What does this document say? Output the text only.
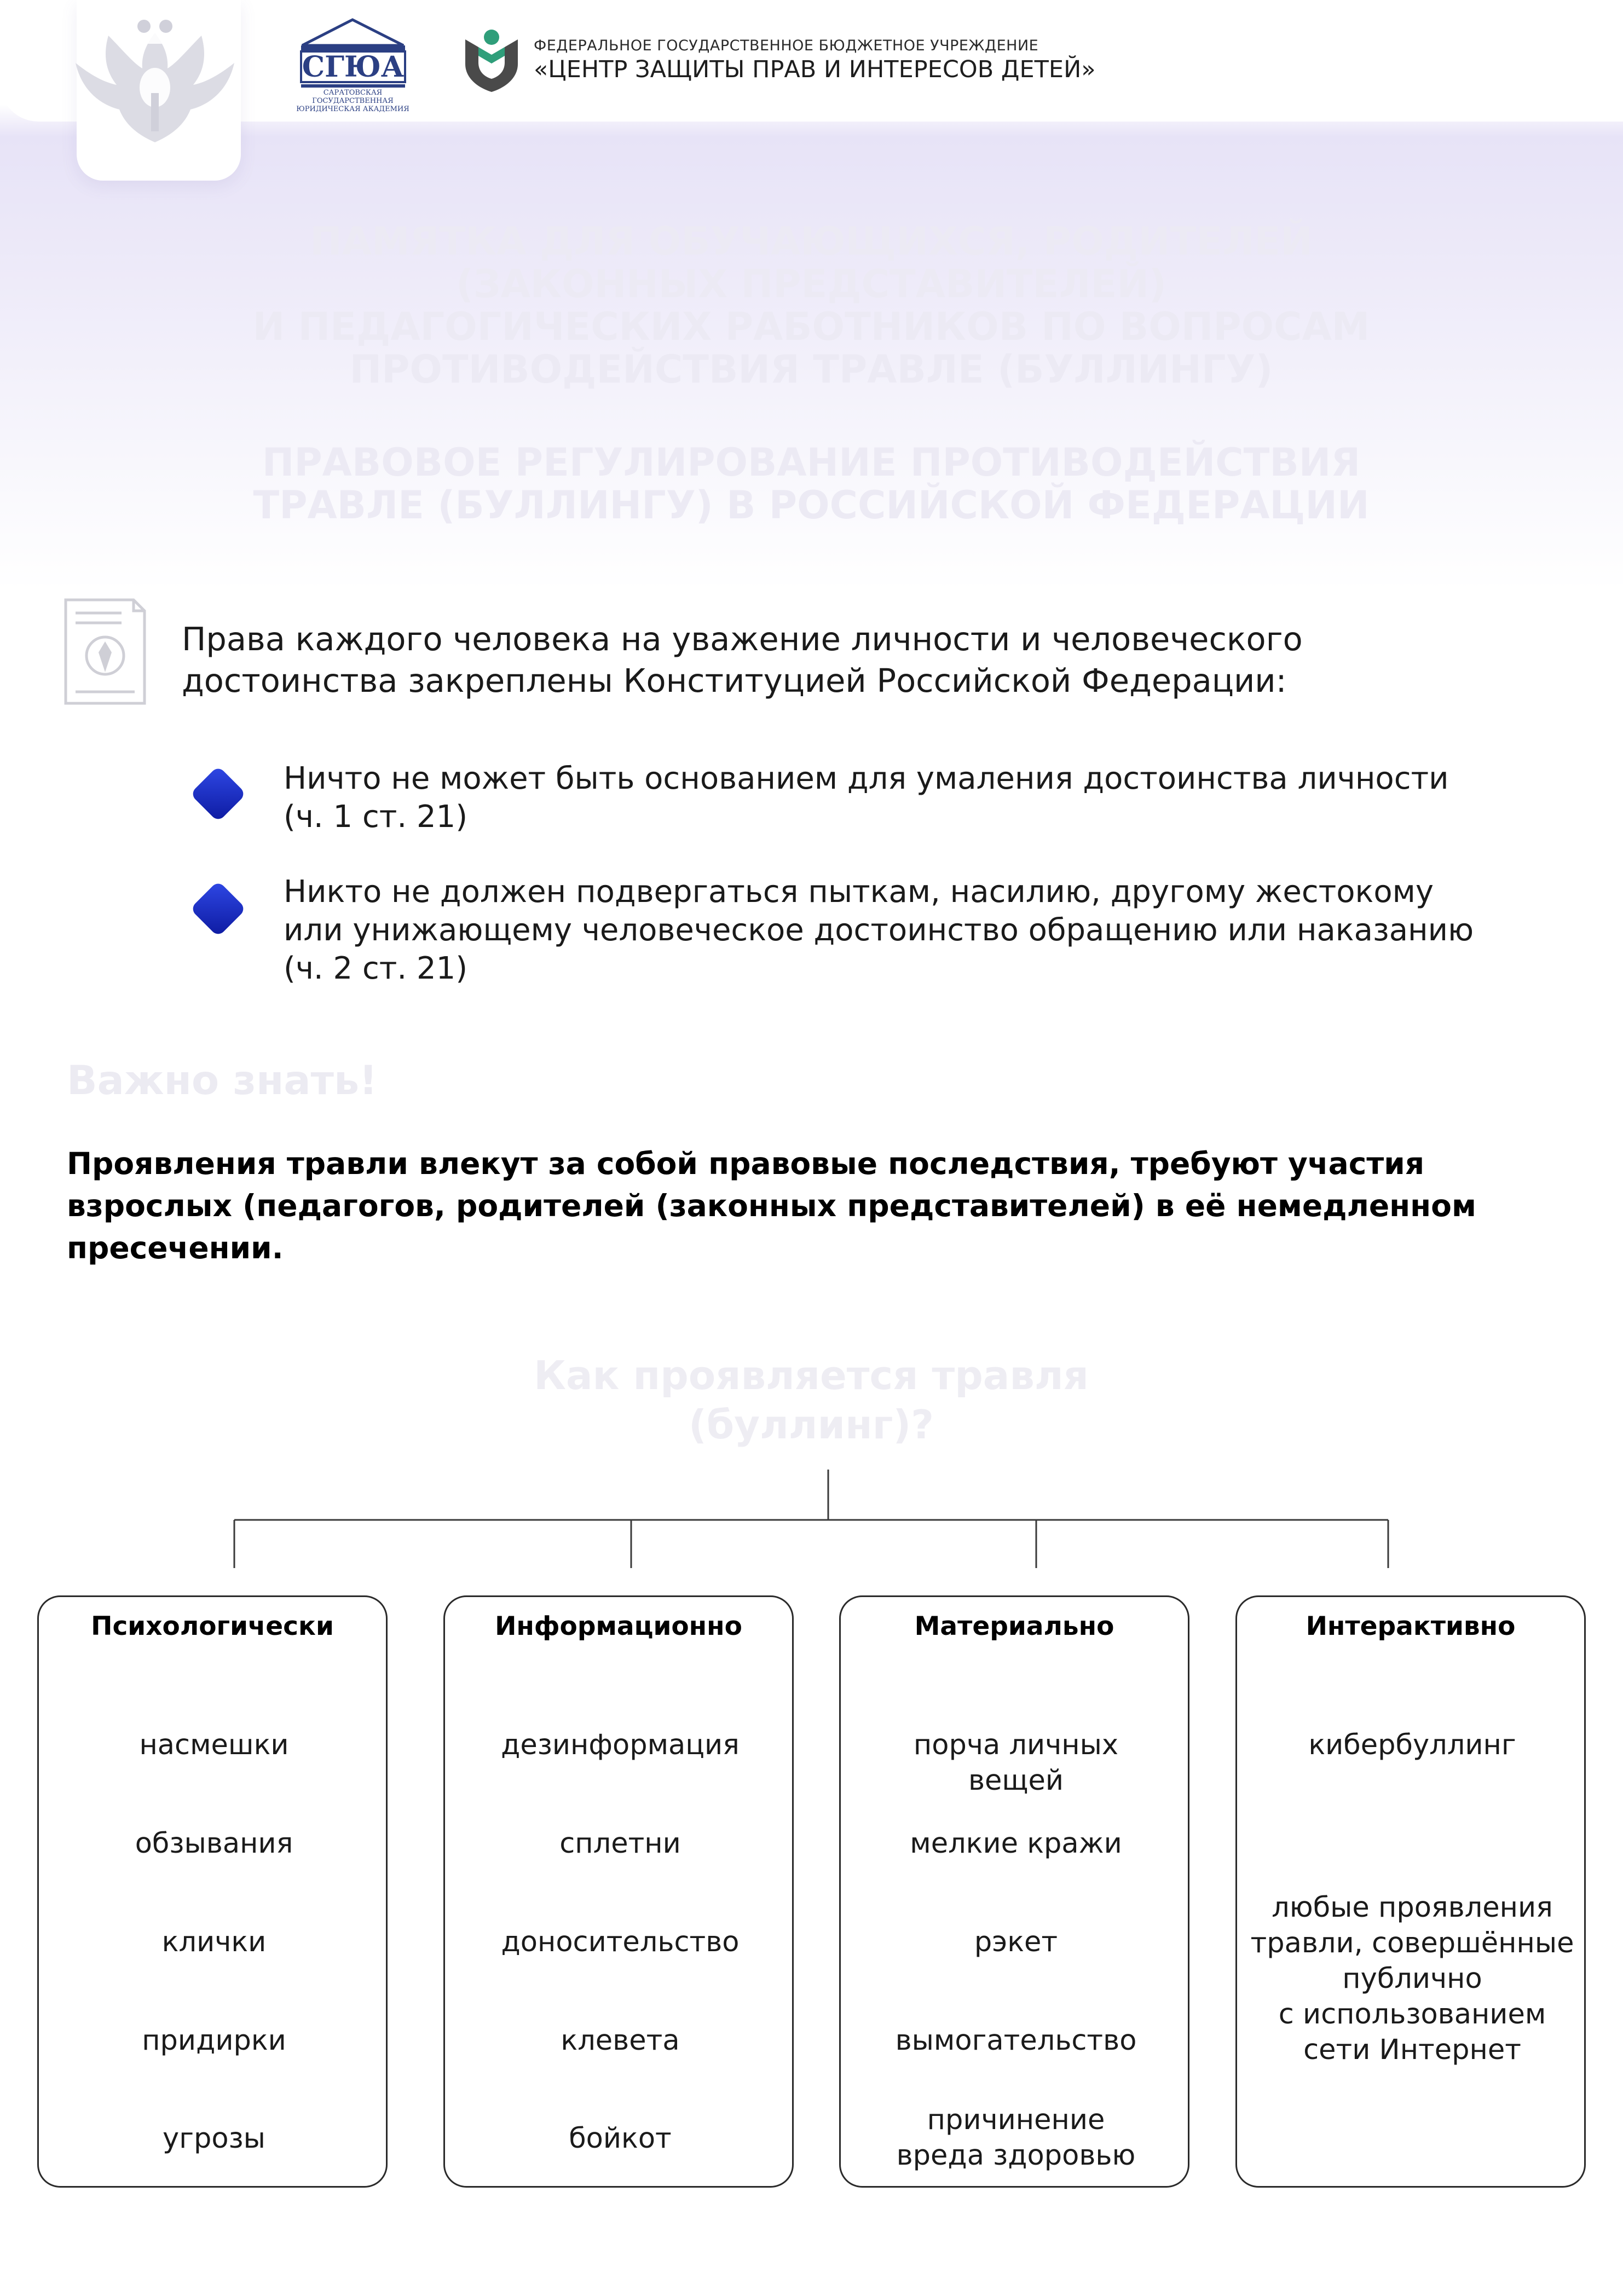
СГЮА
САРАТОВСКАЯ ГОСУДАРСТВЕННАЯ ЮРИДИЧЕСКАЯ АКАДЕМИЯ
ФЕДЕРАЛЬНОЕ ГОСУДАРСТВЕННОЕ БЮДЖЕТНОЕ УЧРЕЖДЕНИЕ
«ЦЕНТР ЗАЩИТЫ ПРАВ И ИНТЕРЕСОВ ДЕТЕЙ»
ПАМЯТКА ДЛЯ ОБУЧАЮЩИХСЯ, РОДИТЕЛЕЙ
(ЗАКОННЫХ ПРЕДСТАВИТЕЛЕЙ)
И ПЕДАГОГИЧЕСКИХ РАБОТНИКОВ ПО ВОПРОСАМ
ПРОТИВОДЕЙСТВИЯ ТРАВЛЕ (БУЛЛИНГУ)
ПРАВОВОЕ РЕГУЛИРОВАНИЕ ПРОТИВОДЕЙСТВИЯ
ТРАВЛЕ (БУЛЛИНГУ) В РОССИЙСКОЙ ФЕДЕРАЦИИ
Права каждого человека на уважение личности и человеческого
достоинства закреплены Конституцией Российской Федерации:
Ничто не может быть основанием для умаления достоинства личности
(ч. 1 ст. 21)
Никто не должен подвергаться пыткам, насилию, другому жестокому
или унижающему человеческое достоинство обращению или наказанию
(ч. 2 ст. 21)
Важно знать!
Проявления травли влекут за собой правовые последствия, требуют участия
взрослых (педагогов, родителей (законных представителей) в её немедленном
пресечении.
Как проявляется травля
(буллинг)?
Психологически
насмешки
обзывания
клички
придирки
угрозы
Информационно
дезинформация
сплетни
доносительство
клевета
бойкот
Материально
порча личных
вещей
мелкие кражи
рэкет
вымогательство
причинение
вреда здоровью
Интерактивно
кибербуллинг
любые проявления
травли, совершённые
публично
с использованием
сети Интернет
